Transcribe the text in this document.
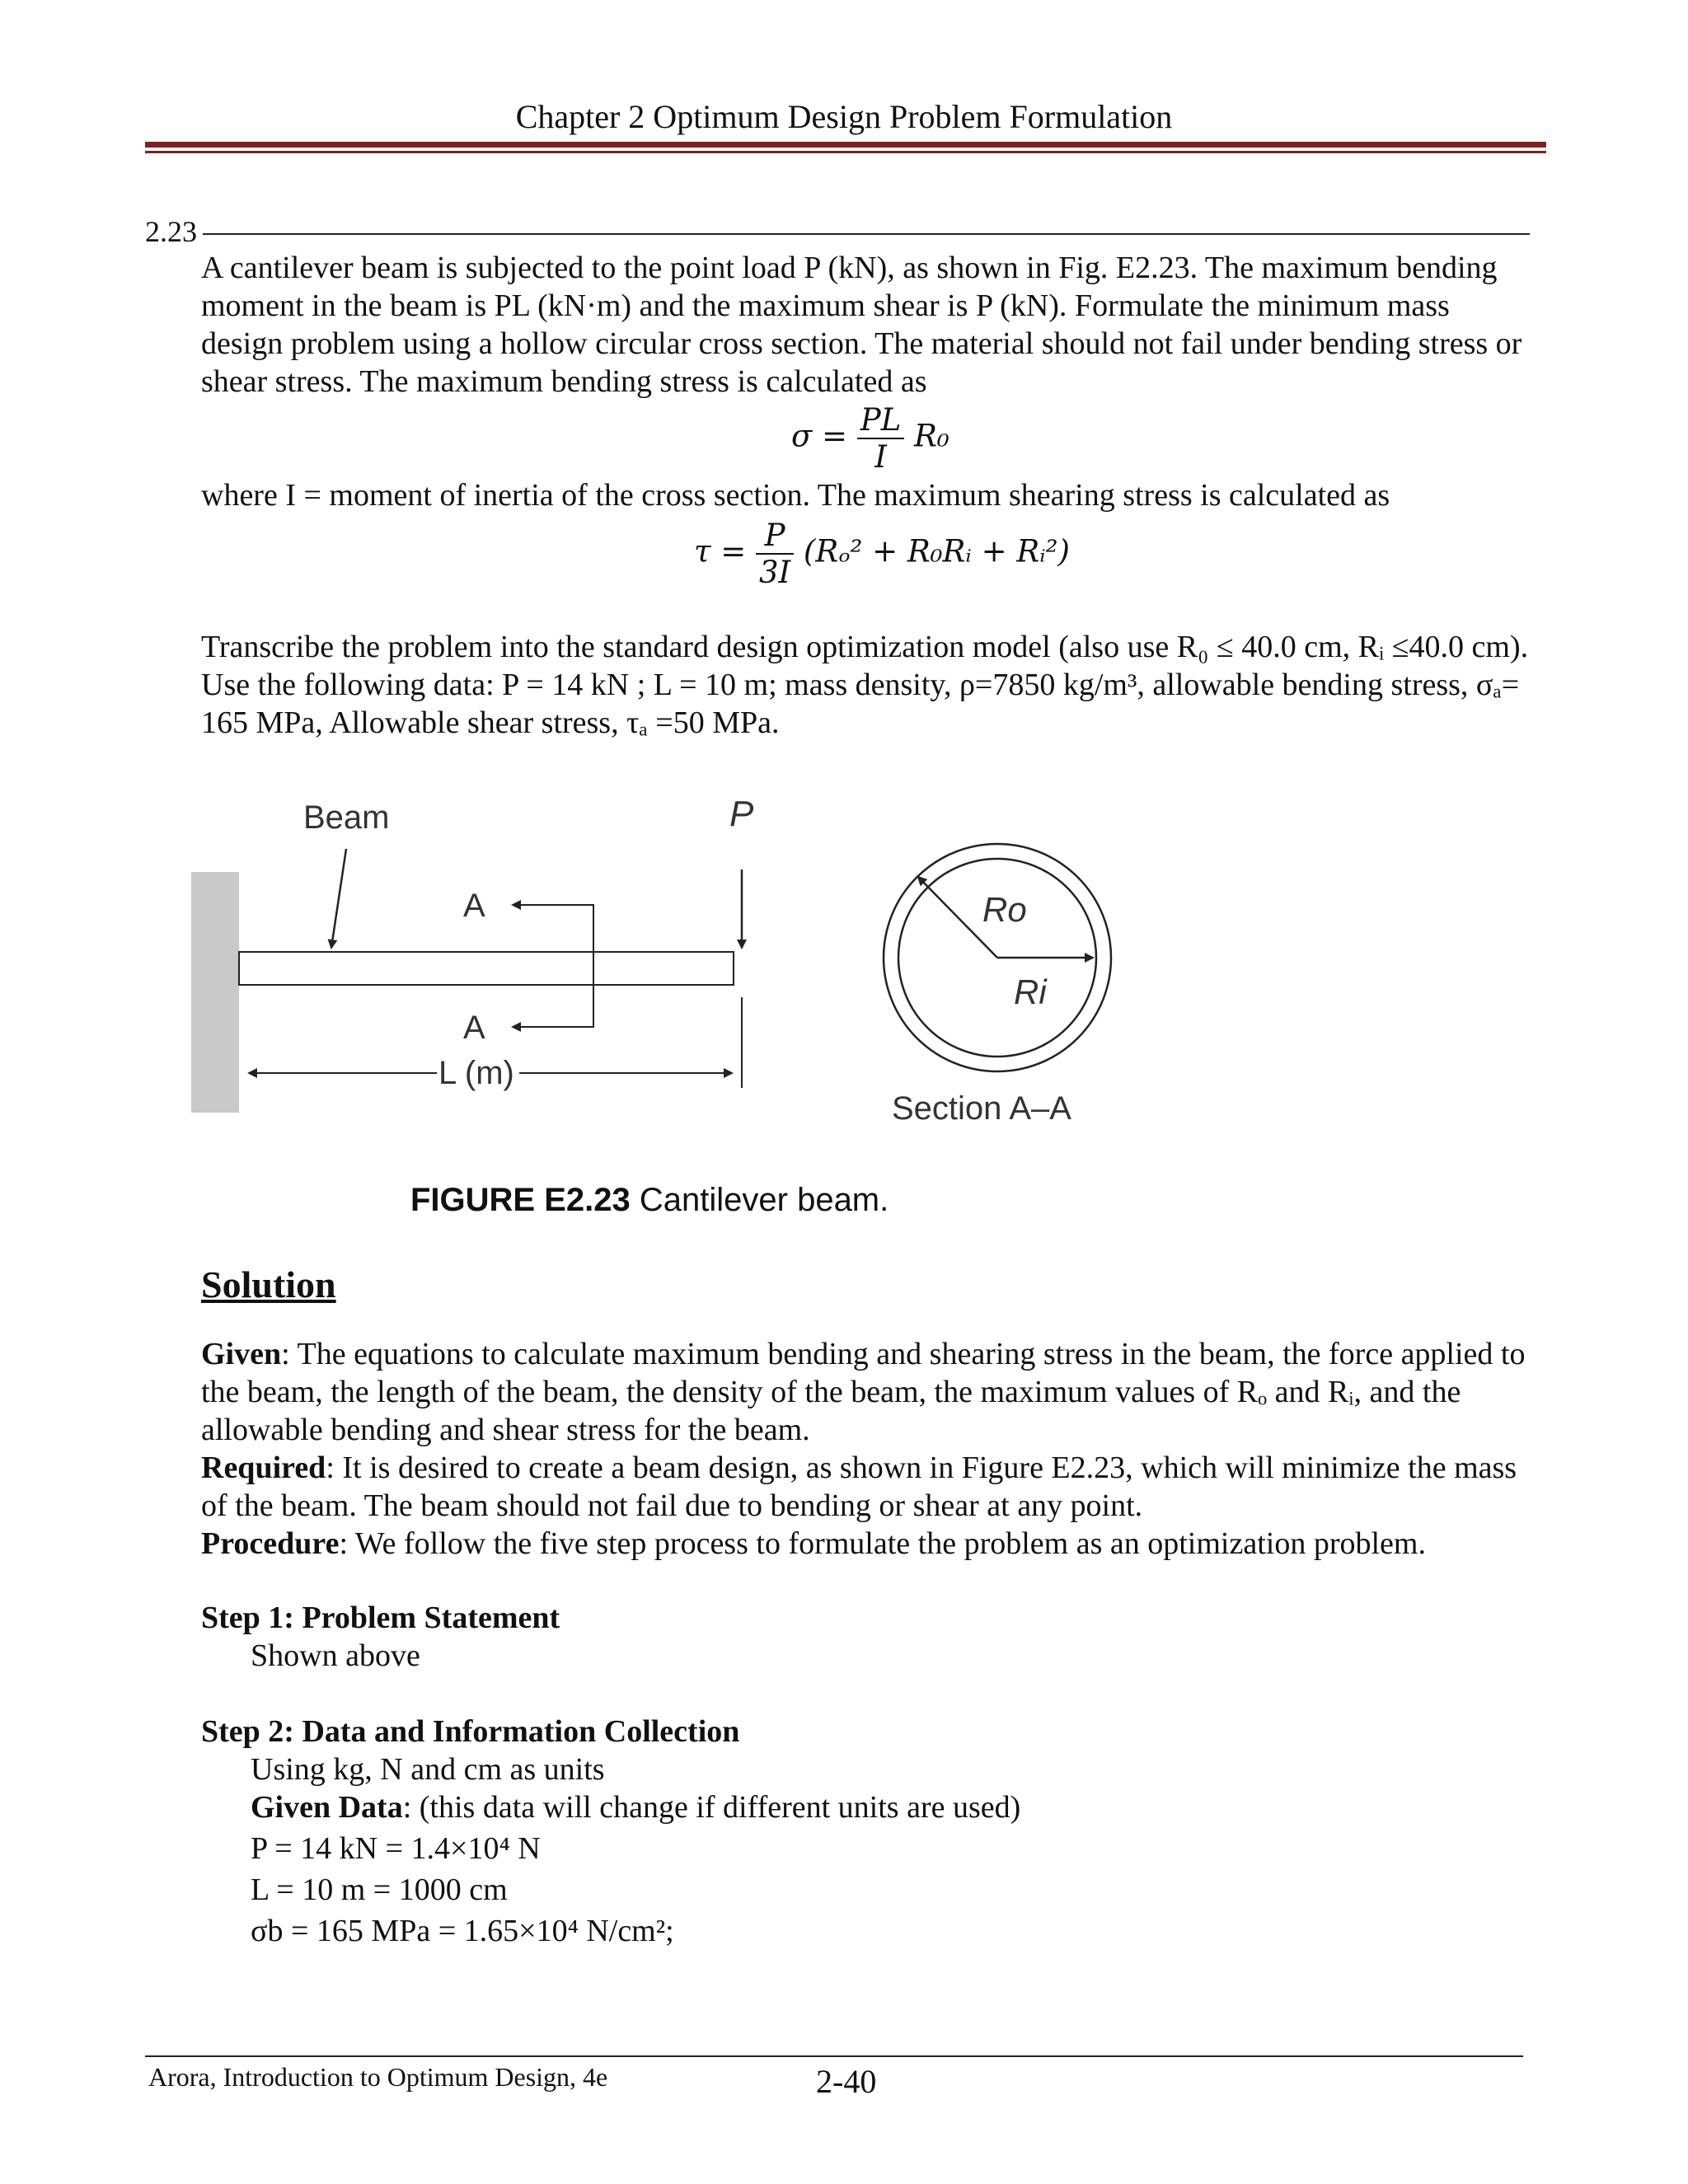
Chapter 2 Optimum Design Problem Formulation
2.23
A cantilever beam is subjected to the point load P (kN), as shown in Fig. E2.23. The maximum bending moment in the beam is PL (kN·m) and the maximum shear is P (kN). Formulate the minimum mass design problem using a hollow circular cross section. The material should not fail under bending stress or shear stress. The maximum bending stress is calculated as
$\sigma = \frac{PL}{I} R_0$
where I = moment of inertia of the cross section. The maximum shearing stress is calculated as
$\tau = \frac{P}{3I} (R_o^2$ + R₀Rᵢ + Rᵢ²)
Transcribe the problem into the standard design optimization model (also use R₀ ≤ 40.0 cm, Rᵢ ≤40.0 cm). Use the following data: P = 14 kN ; L = 10 m; mass density, ρ=7850 kg/m³, allowable bending stress, σₐ= 165 MPa, Allowable shear stress, τₐ =50 MPa.
Beam	P
A
A
L (m)
Ro
Ri
Section A–A
FIGURE E2.23 Cantilever beam.
Solution
Given: The equations to calculate maximum bending and shearing stress in the beam, the force applied to the beam, the length of the beam, the density of the beam, the maximum values of Rₒ and Rᵢ, and the allowable bending and shear stress for the beam.
Required: It is desired to create a beam design, as shown in Figure E2.23, which will minimize the mass of the beam. The beam should not fail due to bending or shear at any point.
Procedure: We follow the five step process to formulate the problem as an optimization problem.
Step 1: Problem Statement
Shown above
Step 2: Data and Information Collection
Using kg, N and cm as units
Given Data: (this data will change if different units are used)
P = 14 kN = 1.4×10⁴ N
L = 10 m = 1000 cm
σb = 165 MPa = 1.65×10⁴ N/cm²;
Arora, Introduction to Optimum Design, 4e	2-40
